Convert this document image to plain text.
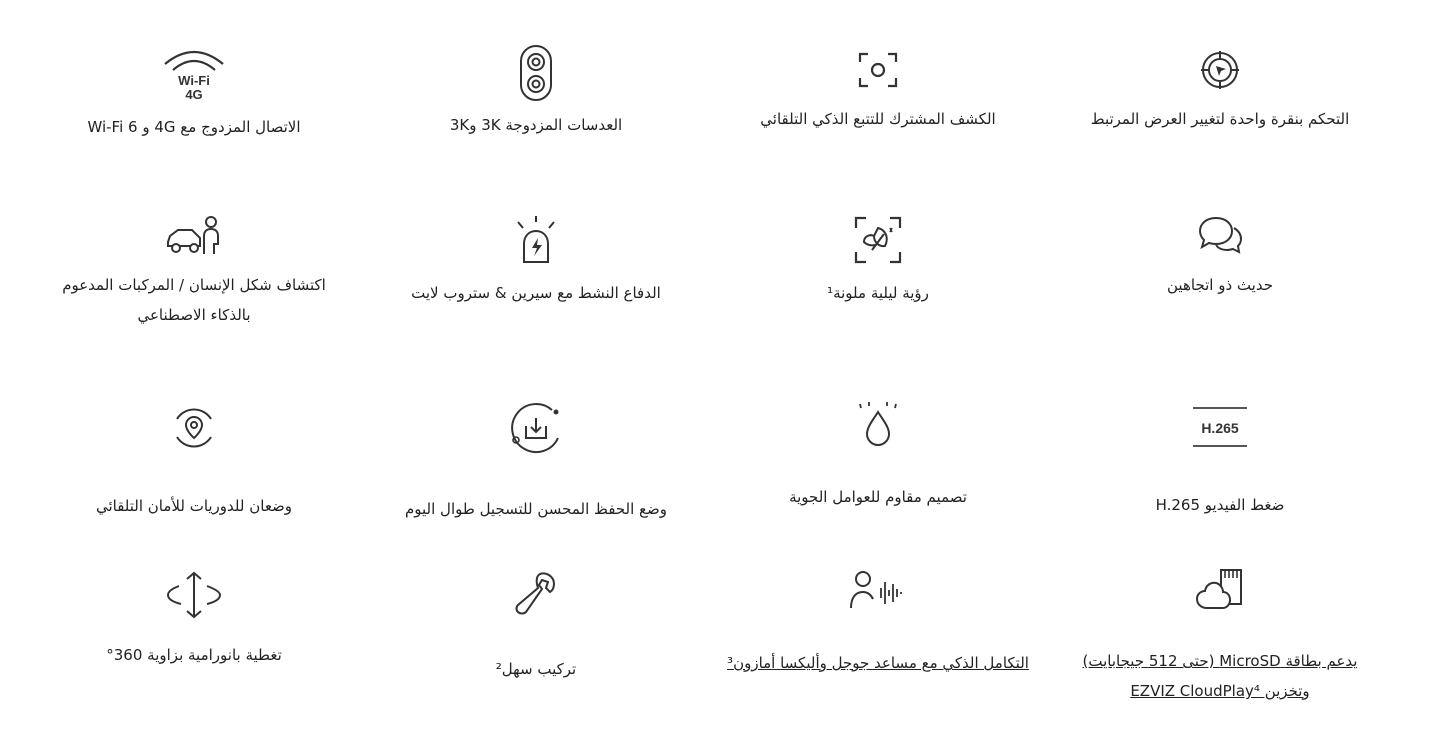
التحكم بنقرة واحدة لتغيير العرض المرتبط
الكشف المشترك للتتبع الذكي التلقائي
العدسات المزدوجة 3K و3K
Wi-Fi
4G
الاتصال المزدوج مع 4G و Wi-Fi 6
حديث ذو اتجاهين
رؤية ليلية ملونة¹
الدفاع النشط مع سيرين & ستروب لايت
اكتشاف شكل الإنسان / المركبات المدعوم
بالذكاء الاصطناعي
H.265
ضغط الفيديو H.265
تصميم مقاوم للعوامل الجوية
وضع الحفظ المحسن للتسجيل طوال اليوم
وضعان للدوريات للأمان التلقائي
يدعم بطاقة MicroSD (حتى 512 جيجابايت)
وتخزين EZVIZ CloudPlay⁴
التكامل الذكي مع مساعد جوجل وأليكسا أمازون³
تركيب سهل²
تغطية بانورامية بزاوية 360°
